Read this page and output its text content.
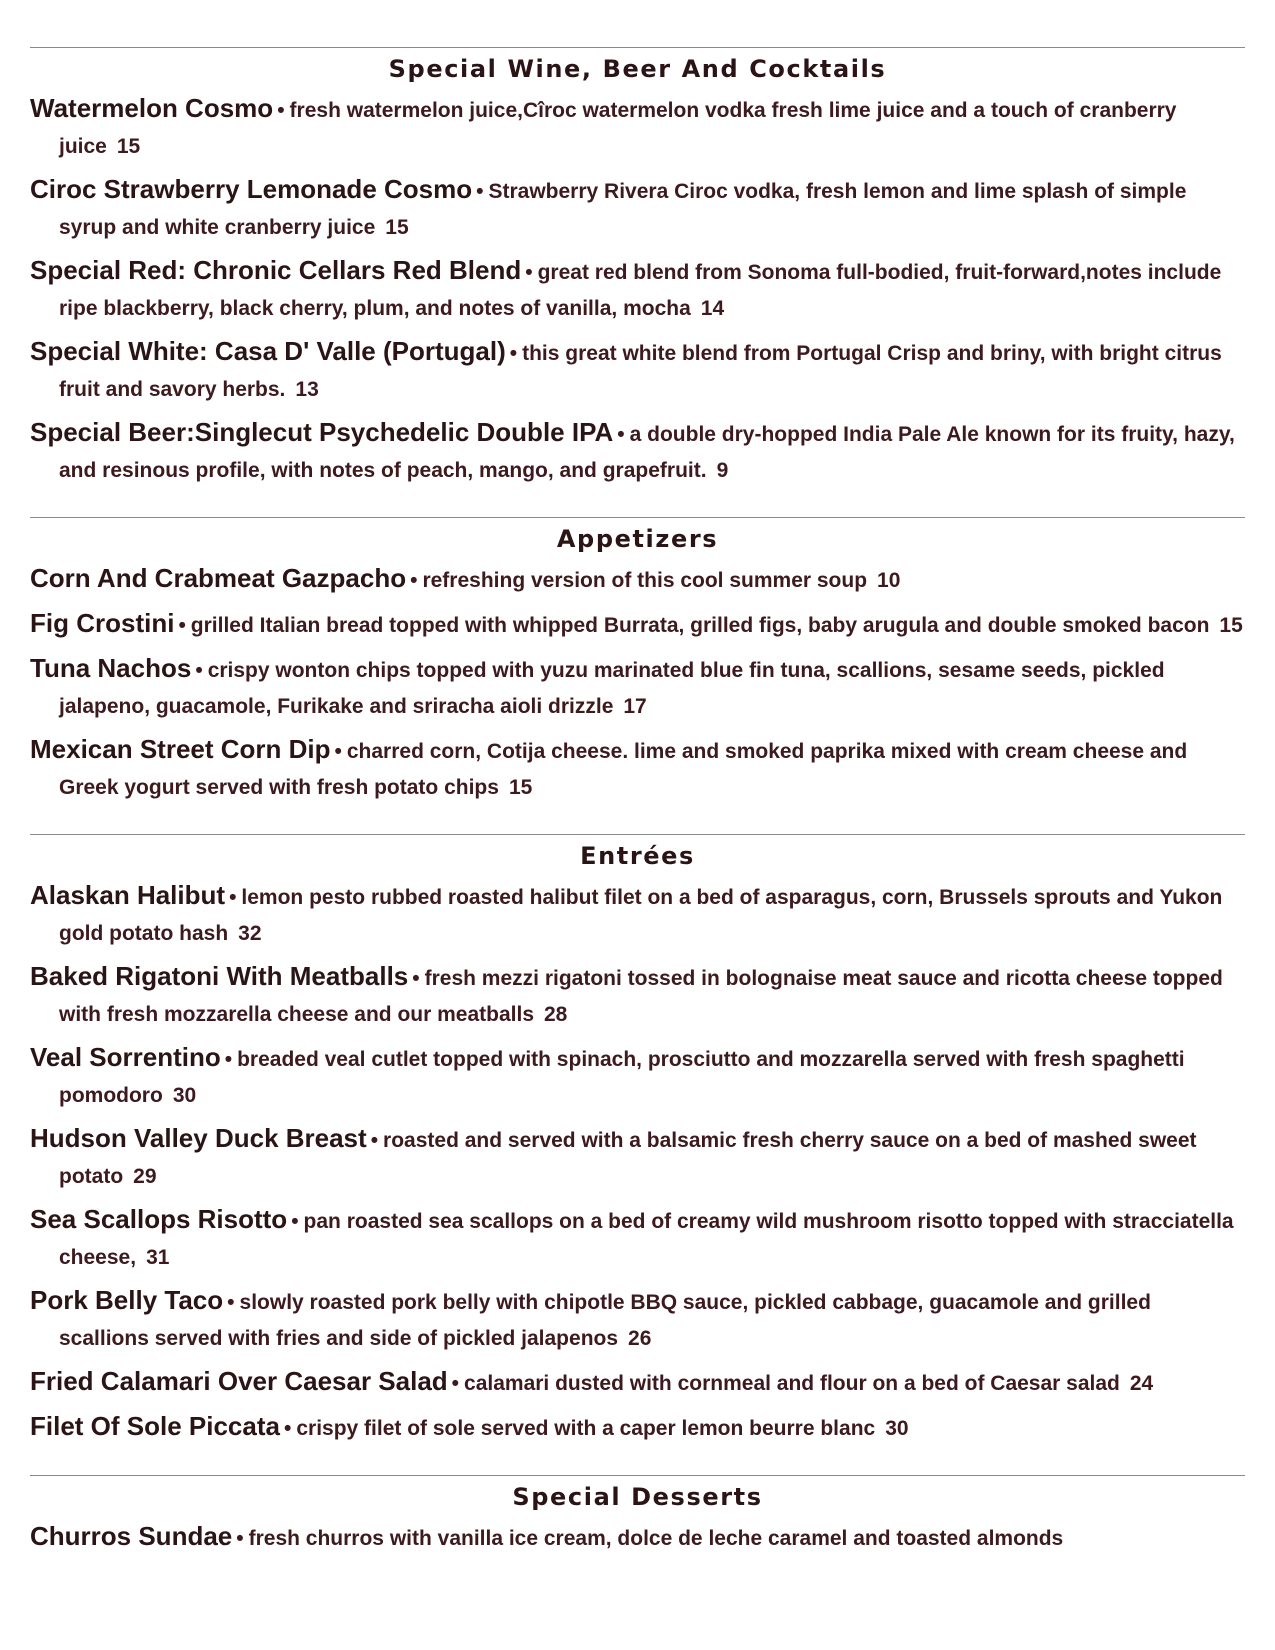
Special Wine, Beer And Cocktails
Watermelon Cosmo • fresh watermelon juice,Cîroc watermelon vodka fresh lime juice and a touch of cranberry juice 15
Ciroc Strawberry Lemonade Cosmo • Strawberry Rivera Ciroc vodka, fresh lemon and lime splash of simple syrup and white cranberry juice 15
Special Red: Chronic Cellars Red Blend • great red blend from Sonoma full-bodied, fruit-forward,notes include ripe blackberry, black cherry, plum, and notes of vanilla, mocha 14
Special White: Casa D' Valle (Portugal) • this great white blend from Portugal Crisp and briny, with bright citrus fruit and savory herbs. 13
Special Beer:Singlecut Psychedelic Double IPA • a double dry-hopped India Pale Ale known for its fruity, hazy, and resinous profile, with notes of peach, mango, and grapefruit. 9
Appetizers
Corn And Crabmeat Gazpacho • refreshing version of this cool summer soup 10
Fig Crostini • grilled Italian bread topped with whipped Burrata, grilled figs, baby arugula and double smoked bacon 15
Tuna Nachos • crispy wonton chips topped with yuzu marinated blue fin tuna, scallions, sesame seeds, pickled jalapeno, guacamole, Furikake and sriracha aioli drizzle 17
Mexican Street Corn Dip • charred corn, Cotija cheese. lime and smoked paprika mixed with cream cheese and Greek yogurt served with fresh potato chips 15
Entrées
Alaskan Halibut • lemon pesto rubbed roasted halibut filet on a bed of asparagus, corn, Brussels sprouts and Yukon gold potato hash 32
Baked Rigatoni With Meatballs • fresh mezzi rigatoni tossed in bolognaise meat sauce and ricotta cheese topped with fresh mozzarella cheese and our meatballs 28
Veal Sorrentino • breaded veal cutlet topped with spinach, prosciutto and mozzarella served with fresh spaghetti pomodoro 30
Hudson Valley Duck Breast • roasted and served with a balsamic fresh cherry sauce on a bed of mashed sweet potato 29
Sea Scallops Risotto • pan roasted sea scallops on a bed of creamy wild mushroom risotto topped with stracciatella cheese, 31
Pork Belly Taco • slowly roasted pork belly with chipotle BBQ sauce, pickled cabbage, guacamole and grilled scallions served with fries and side of pickled jalapenos 26
Fried Calamari Over Caesar Salad • calamari dusted with cornmeal and flour on a bed of Caesar salad 24
Filet Of Sole Piccata • crispy filet of sole served with a caper lemon beurre blanc 30
Special Desserts
Churros Sundae • fresh churros with vanilla ice cream, dolce de leche caramel and toasted almonds
